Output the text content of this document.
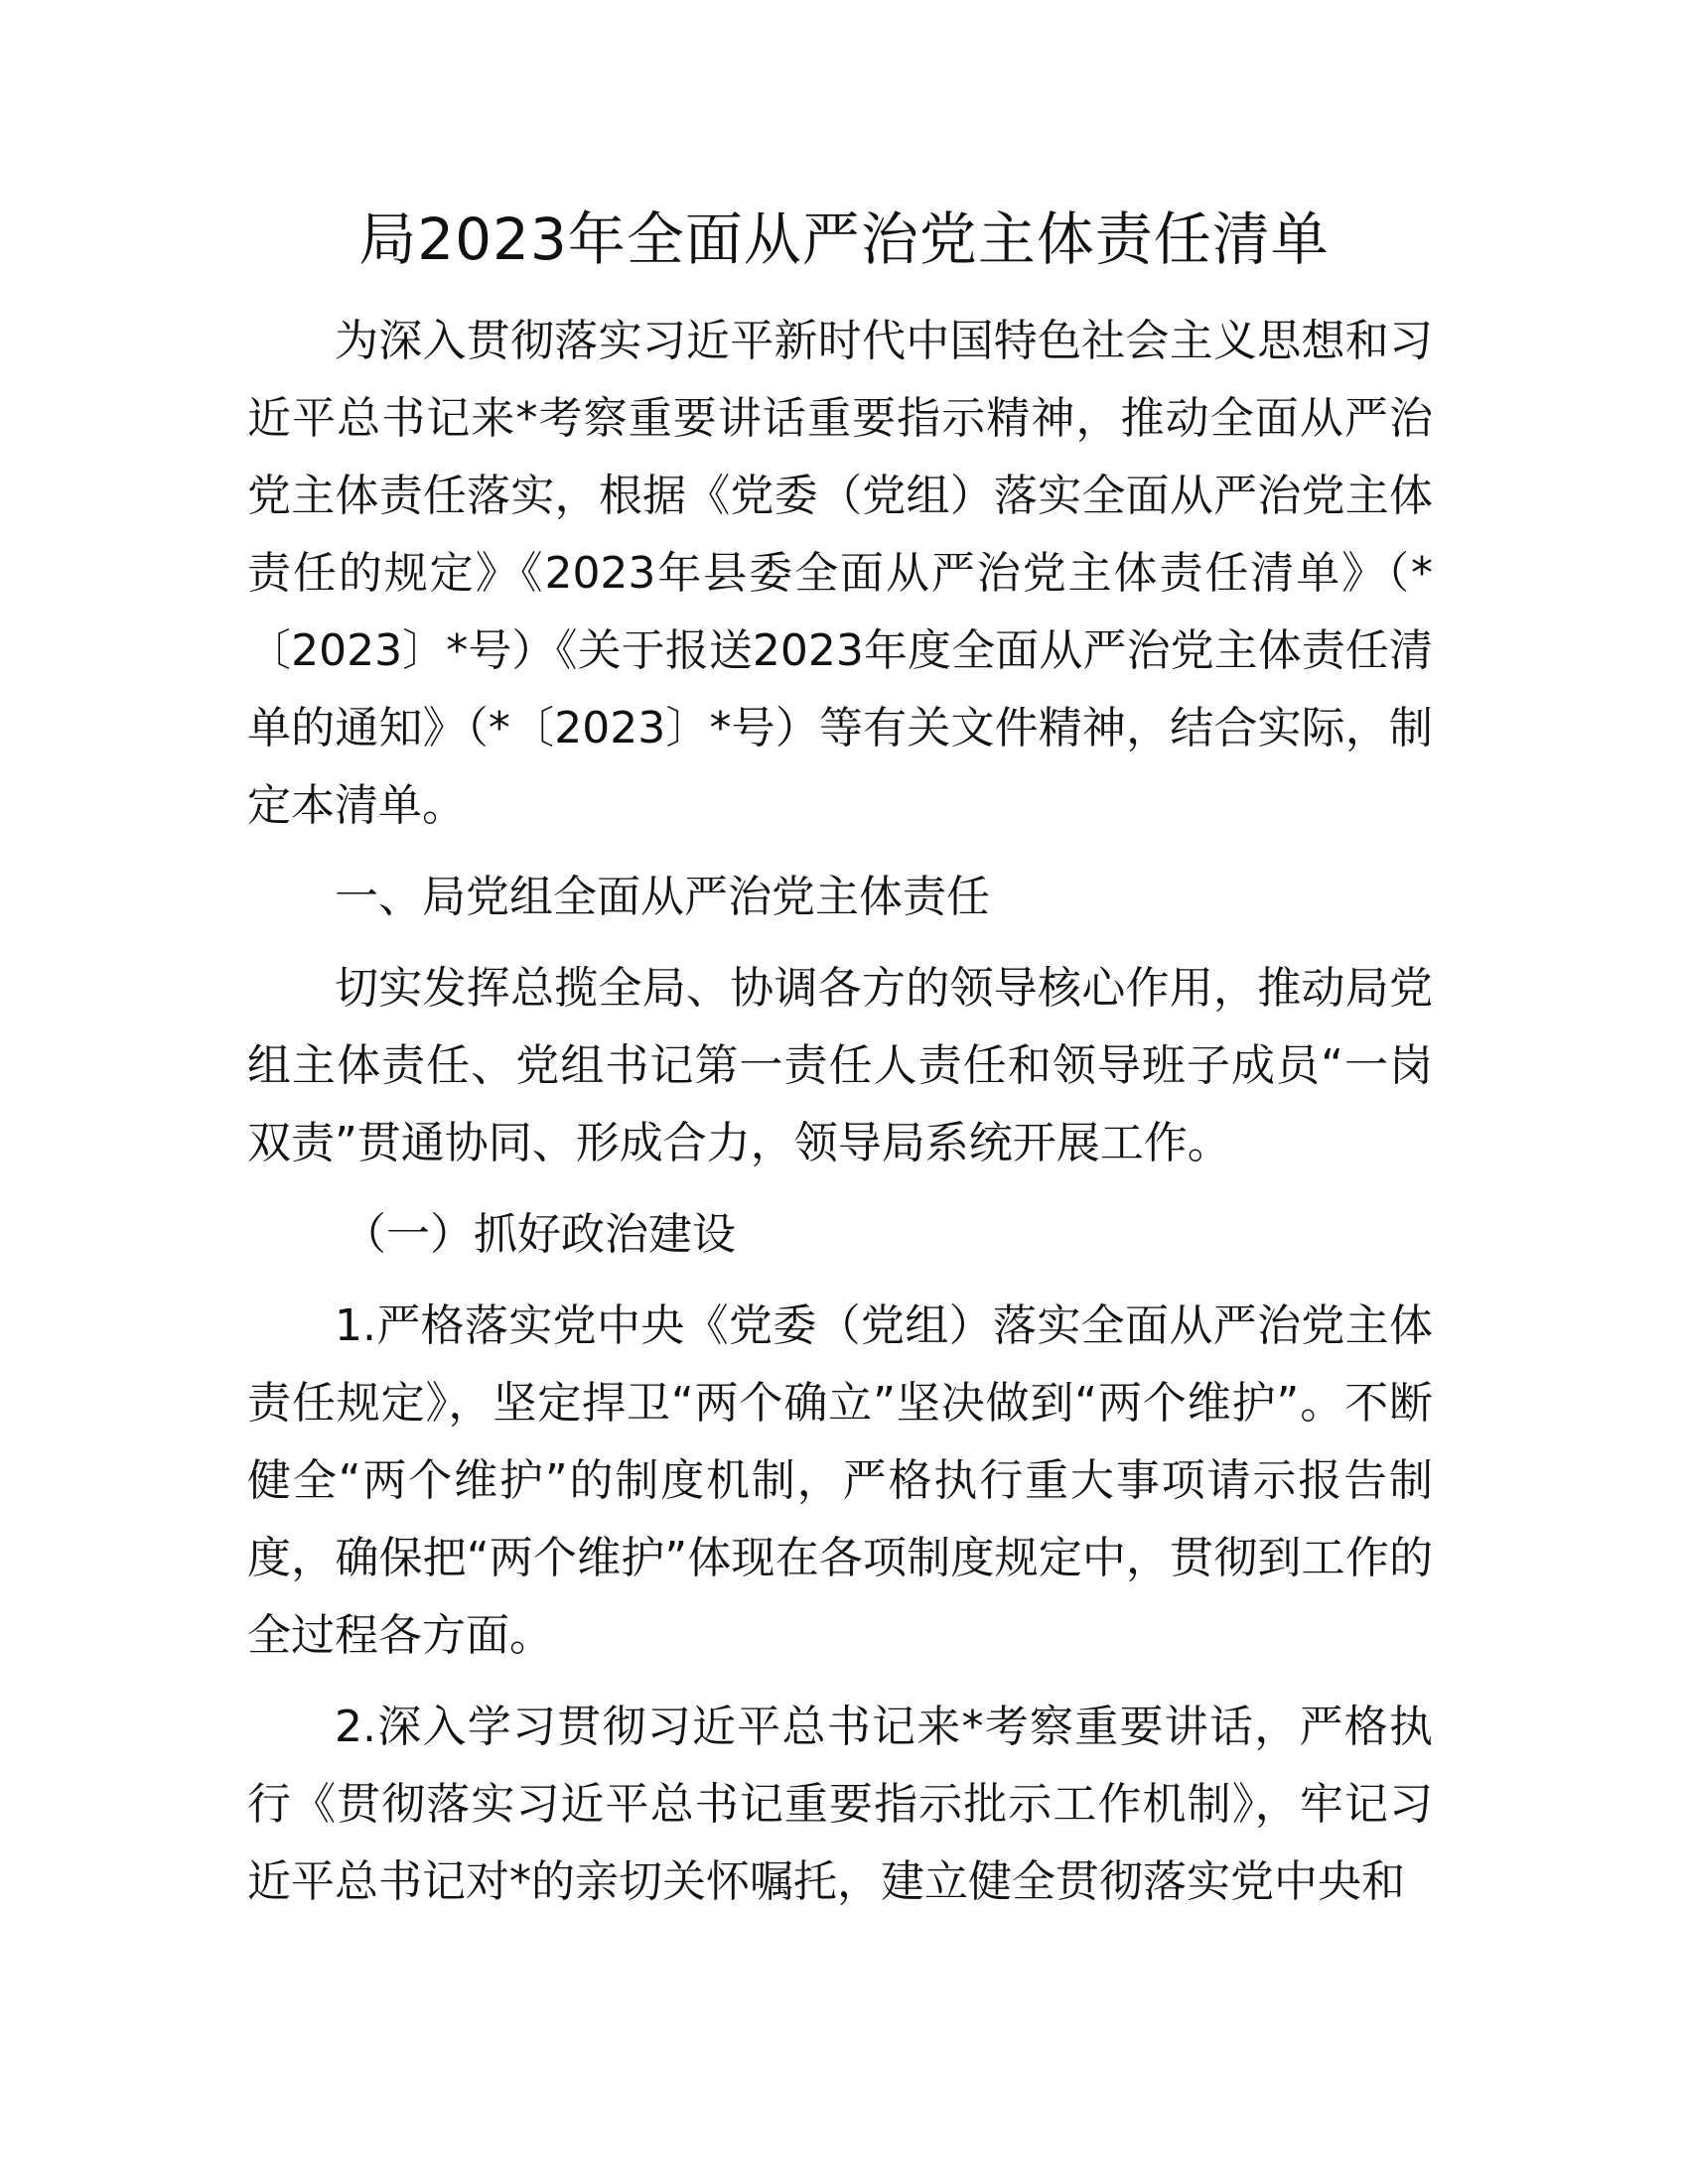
局2023年全面从严治党主体责任清单

为深入贯彻落实习近平新时代中国特色社会主义思想和习近平总书记来*考察重要讲话重要指示精神，推动全面从严治党主体责任落实，根据《党委（党组）落实全面从严治党主体责任的规定》《2023年县委全面从严治党主体责任清单》（*〔2023〕*号）《关于报送2023年度全面从严治党主体责任清单的通知》（*〔2023〕*号）等有关文件精神，结合实际，制定本清单。

一、局党组全面从严治党主体责任

切实发挥总揽全局、协调各方的领导核心作用，推动局党组主体责任、党组书记第一责任人责任和领导班子成员“一岗双责”贯通协同、形成合力，领导局系统开展工作。

（一）抓好政治建设

1.严格落实党中央《党委（党组）落实全面从严治党主体责任规定》，坚定捍卫“两个确立”坚决做到“两个维护”。不断健全“两个维护”的制度机制，严格执行重大事项请示报告制度，确保把“两个维护”体现在各项制度规定中，贯彻到工作的全过程各方面。

2.深入学习贯彻习近平总书记来*考察重要讲话，严格执行《贯彻落实习近平总书记重要指示批示工作机制》，牢记习近平总书记对*的亲切关怀嘱托，建立健全贯彻落实党中央和
